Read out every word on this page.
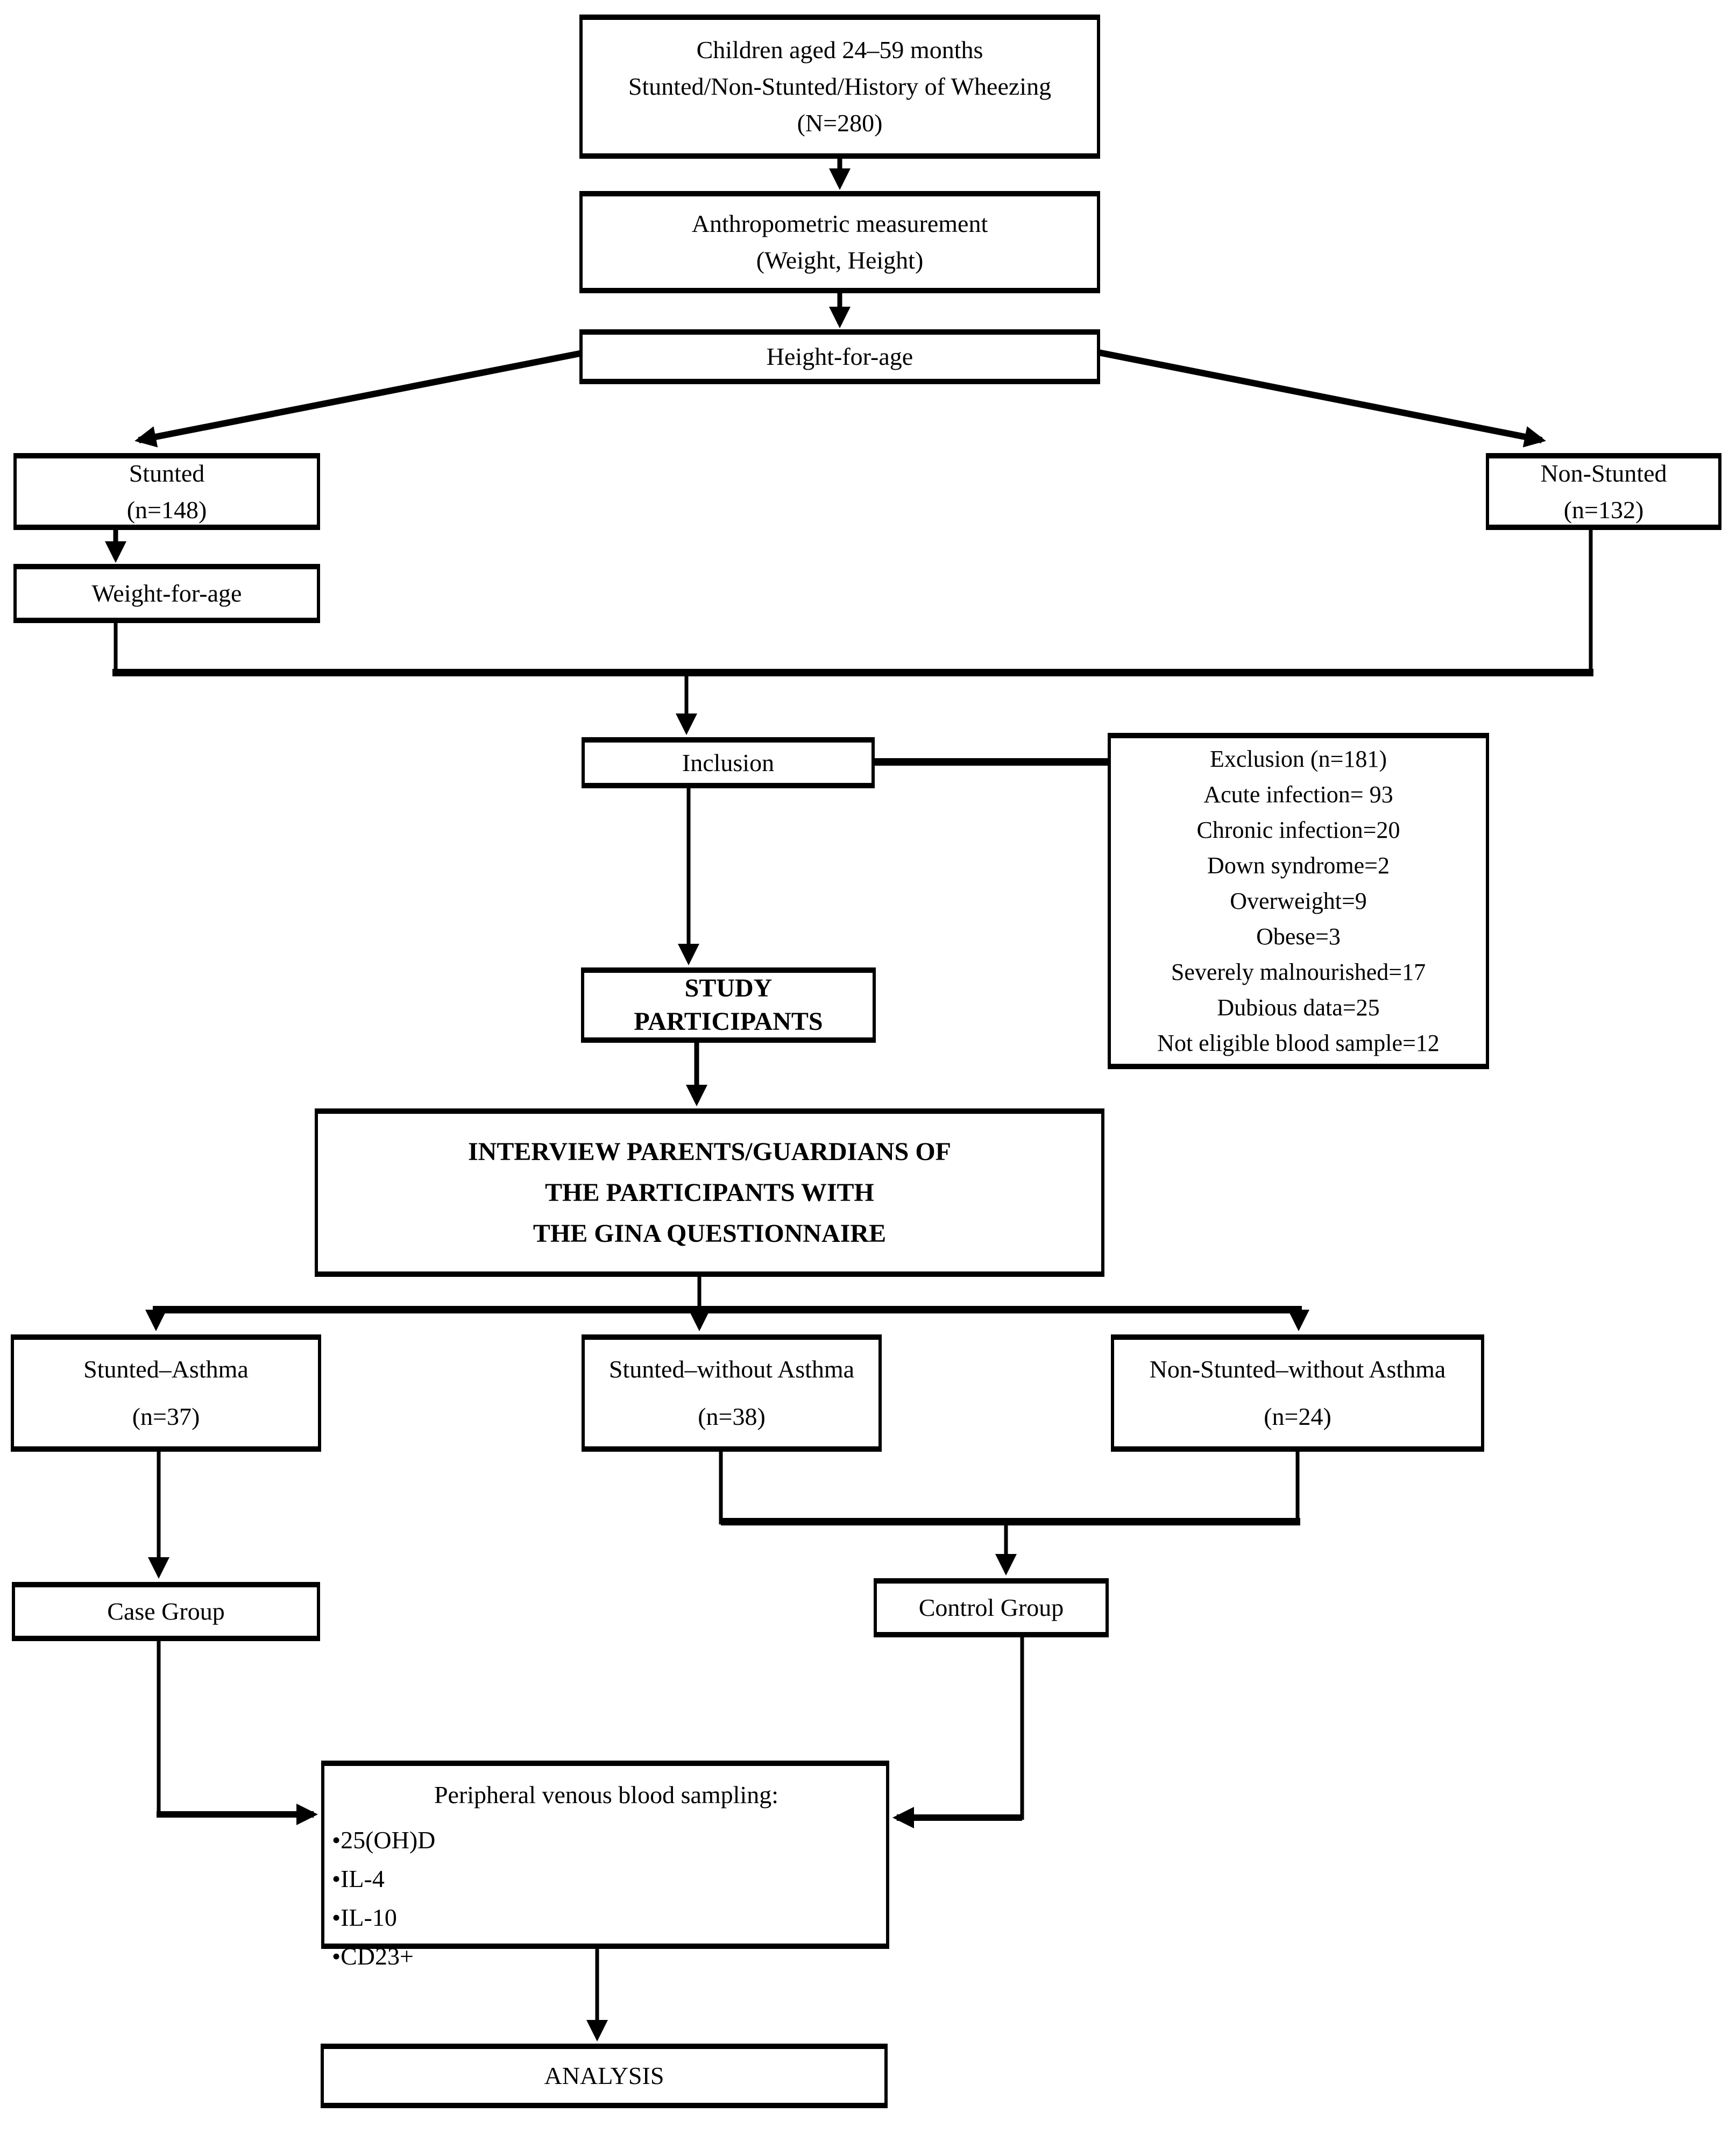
Children aged 24–59 months
Stunted/Non-Stunted/History of Wheezing
(N=280)
Anthropometric measurement
(Weight, Height)
Height-for-age
Stunted
(n=148)
Non-Stunted
(n=132)
Weight-for-age
Inclusion	Exclusion (n=181)
Acute infection= 93
Chronic infection=20
Down syndrome=2
Overweight=9
Obese=3
Severely malnourished=17
Dubious data=25
Not eligible blood sample=12
STUDY
PARTICIPANTS
INTERVIEW PARENTS/GUARDIANS OF
THE PARTICIPANTS WITH
THE GINA QUESTIONNAIRE
Stunted–Asthma
(n=37)
Stunted–without Asthma
(n=38)
Non-Stunted–without Asthma
(n=24)
Case Group	Control Group
Peripheral venous blood sampling:
•25(OH)D
•IL-4
•IL-10
•CD23+
ANALYSIS
